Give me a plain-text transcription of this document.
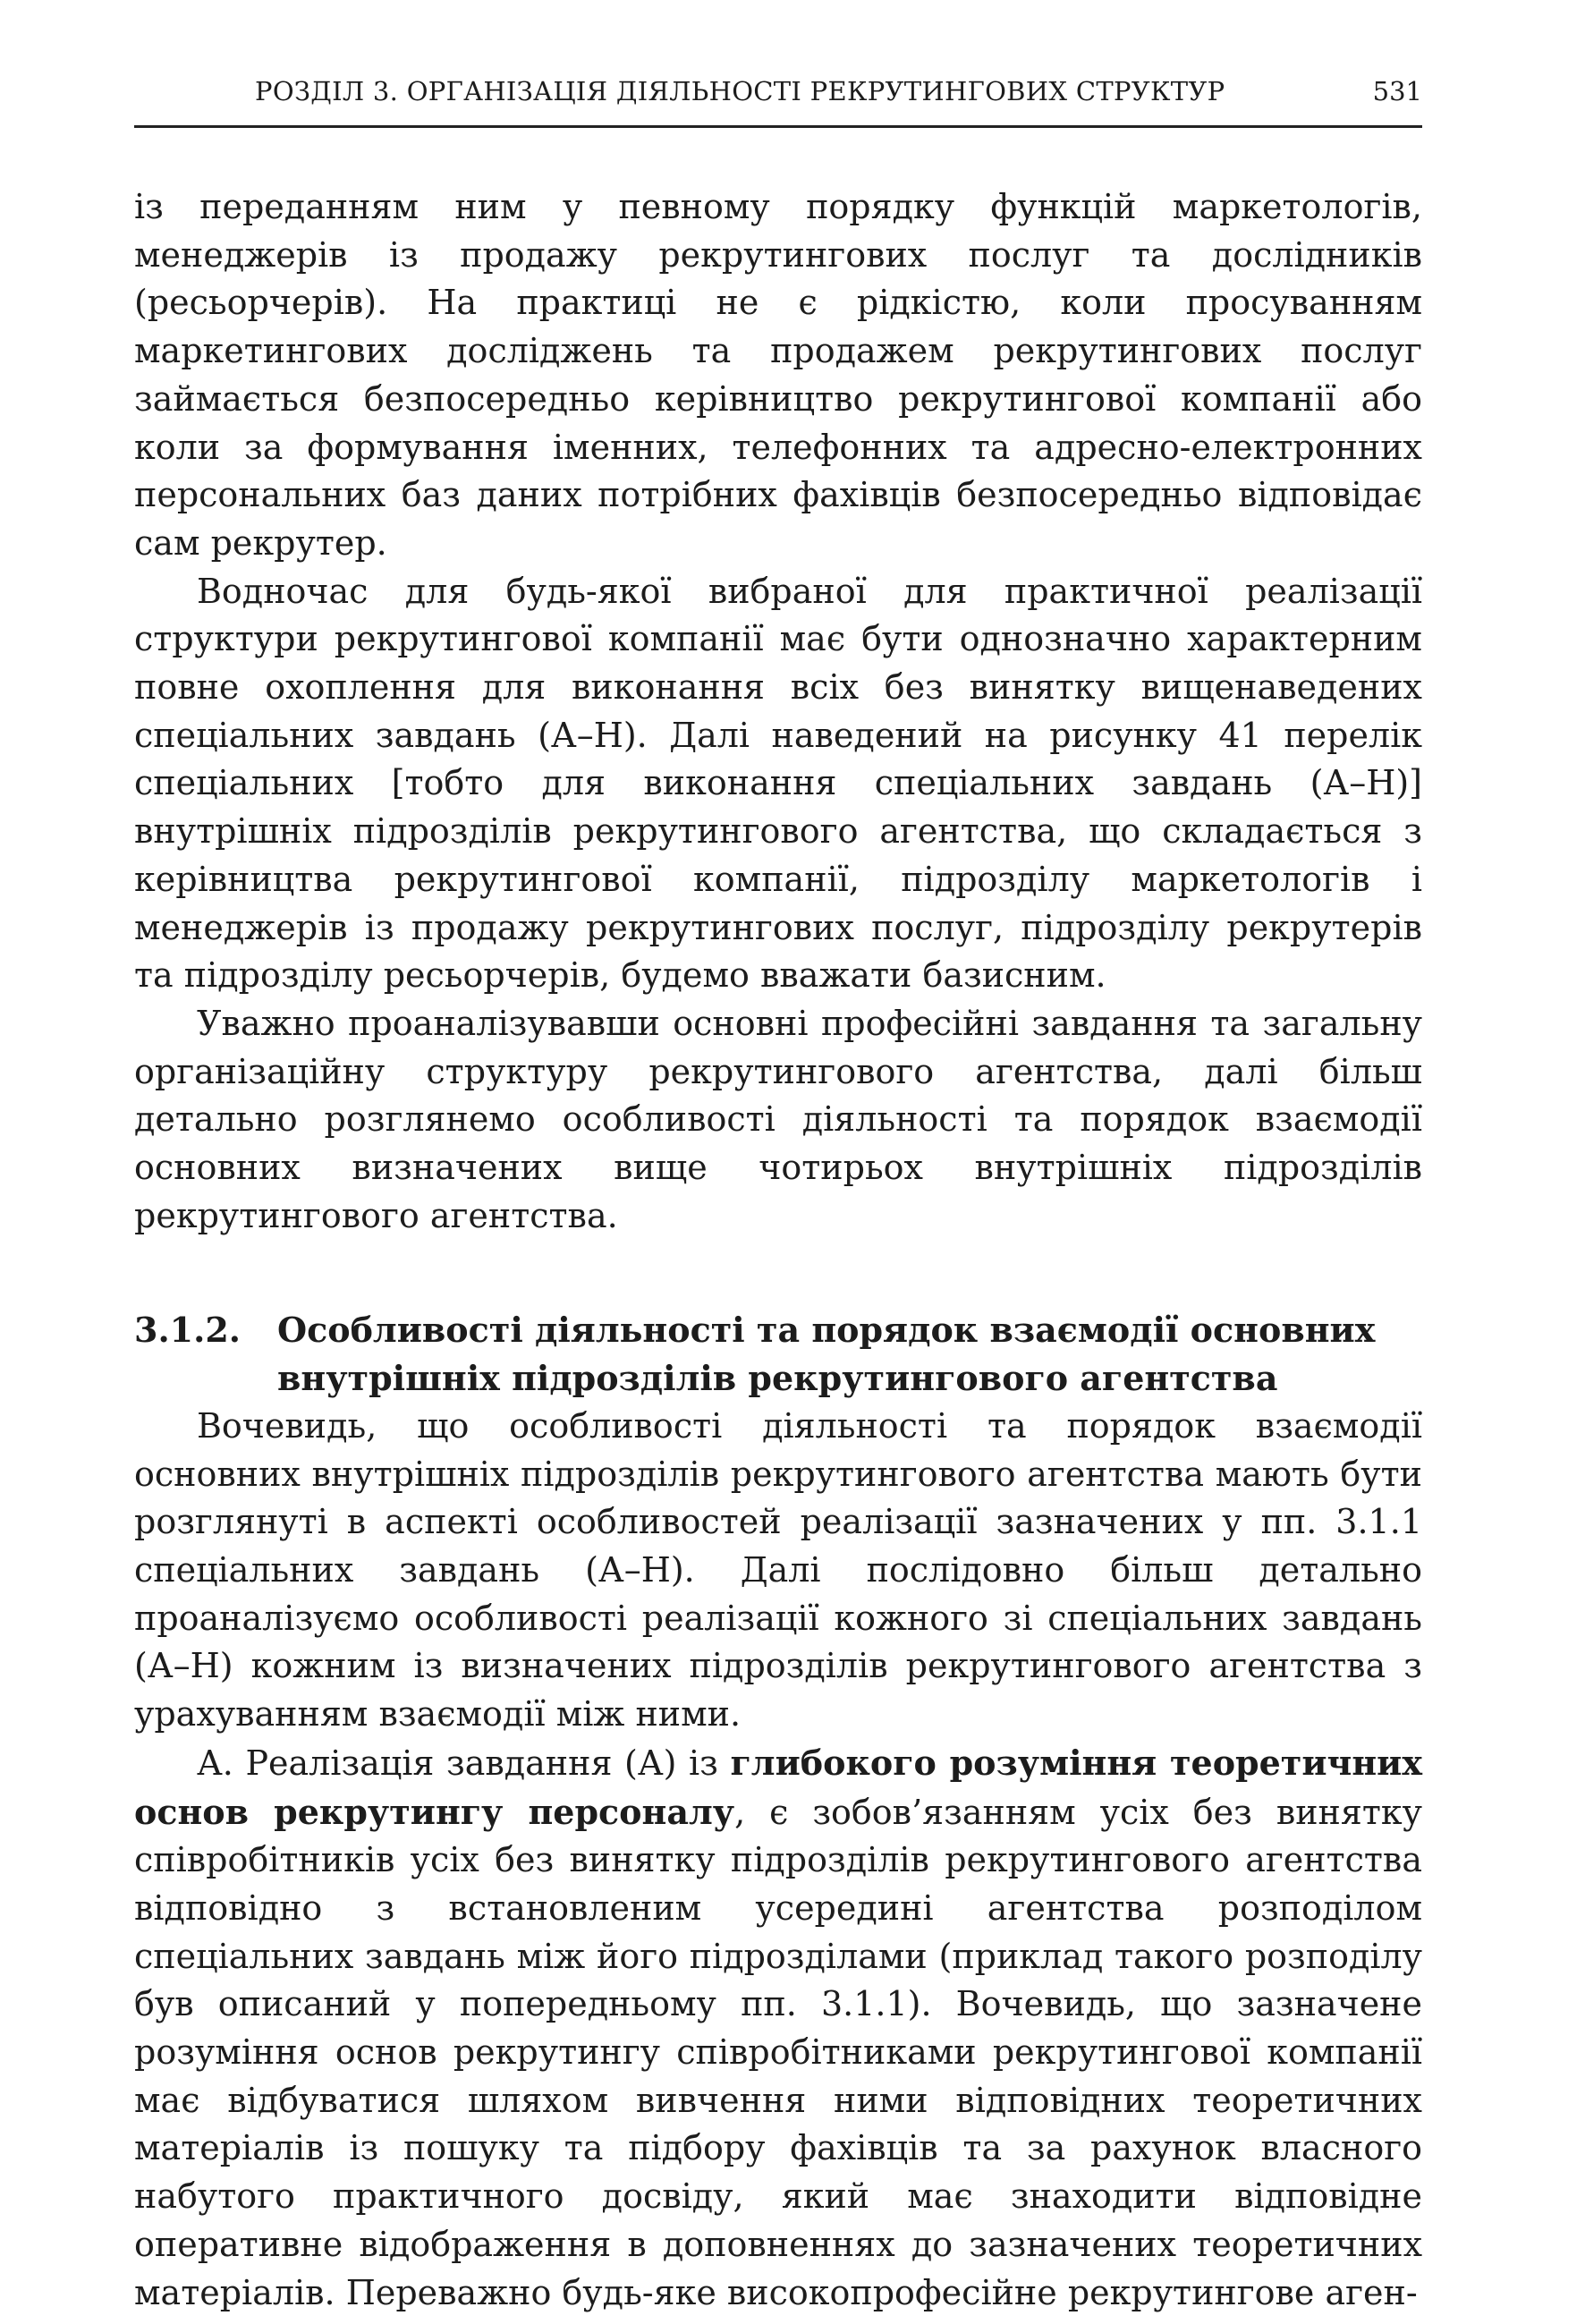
РОЗДІЛ 3. ОРГАНІЗАЦІЯ ДІЯЛЬНОСТІ РЕКРУТИНГОВИХ СТРУКТУР	531

із переданням ним у певному порядку функцій маркетологів, менеджерів із продажу рекрутингових послуг та дослідників (ресьорчерів). На практиці не є рідкістю, коли просуванням маркетингових досліджень та продажем рекрутингових послуг займається безпосередньо керівництво рекрутингової компанії або коли за формування іменних, телефонних та адресно-електронних персональних баз даних потрібних фахівців безпосередньо відповідає сам рекрутер.

Водночас для будь-якої вибраної для практичної реалізації структури рекрутингової компанії має бути однозначно характерним повне охоплення для виконання всіх без винятку вищенаведених спеціальних завдань (А–Н). Далі наведений на рисунку 41 перелік спеціальних [тобто для виконання спеціальних завдань (А–Н)] внутрішніх підрозділів рекрутингового агентства, що складається з керівництва рекрутингової компанії, підрозділу маркетологів і менеджерів із продажу рекрутингових послуг, підрозділу рекрутерів та підрозділу ресьорчерів, будемо вважати базисним.

Уважно проаналізувавши основні професійні завдання та загальну організаційну структуру рекрутингового агентства, далі більш детально розглянемо особливості діяльності та порядок взаємодії основних визначених вище чотирьох внутрішніх підрозділів рекрутингового агентства.

3.1.2.	Особливості діяльності та порядок взаємодії основних внутрішніх підрозділів рекрутингового агентства

Вочевидь, що особливості діяльності та порядок взаємодії основних внутрішніх підрозділів рекрутингового агентства мають бути розглянуті в аспекті особливостей реалізації зазначених у пп. 3.1.1 спеціальних завдань (А–Н). Далі послідовно більш детально проаналізуємо особливості реалізації кожного зі спеціальних завдань (А–Н) кожним із визначених підрозділів рекрутингового агентства з урахуванням взаємодії між ними.

А. Реалізація завдання (А) із глибокого розуміння теоретичних основ рекрутингу персоналу, є зобов’язанням усіх без винятку співробітників усіх без винятку підрозділів рекрутингового агентства відповідно з встановленим усередині агентства розподілом спеціальних завдань між його підрозділами (приклад такого розподілу був описаний у попередньому пп. 3.1.1). Вочевидь, що зазначене розуміння основ рекрутингу співробітниками рекрутингової компанії має відбуватися шляхом вивчення ними відповідних теоретичних матеріалів із пошуку та підбору фахівців та за рахунок власного набутого практичного досвіду, який має знаходити відповідне оперативне відображення в доповненнях до зазначених теоретичних матеріалів. Переважно будь-яке високопрофесійне рекрутингове аген-
